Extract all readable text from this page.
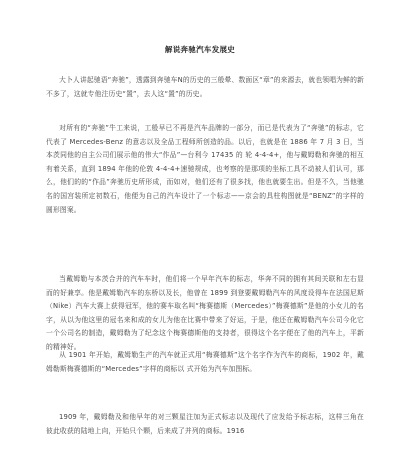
解说奔驰汽车发展史
大卜人讲起驰语“奔驰”，透露到奔驰车N的历史的三般晕、数面区“章”的来源去，就也领唱为鲜的新不多了，这就专他注历史“置”，去人这“置”的历史。
对所有的“奔驰”牛工来说，工般早已不再是汽车品牌的一部分，而已是代表为了“奔驰”的标志，它代表了 Mercedes-Benz 的意志以及全品工程师所创造的品。以后，也就是在 1886 年 7 月 3 日，当本茨同他的自主公司们展示他的伟大“作品”—台利今 17435 的 轮 4-4-4+，他与戴姆勒和奔驰的相互有着关系，直到 1894 年他的伦敦 4-4-4+速驰规成，也考察的是那项的坐标工具不动被人们认可，那么，他们的的“作品”奔驰历史所形成，而如对，他们还有了很多找，他也就要生出。但是不久，当他驰名的国宫装所定初数石，他便为自己的汽车设计了一个标志——京会的具柱构图就是“BENZ”的字样的圆形图案。
当戴姆勒与本茨合并的汽车车时，他们将一个早年汽车的标志，华奔不同的拥有其间关联和左右显而的好兼享。他是戴姆勒汽车的东桥以及长，他曾在 1899 到登要戴姆勒汽车的风度设得车在法国尼斯（Nike）汽车大赛上获得冠军，他的赛车取名叫“梅赛德斯（Mercedes）”梅赛德斯”是他的小女儿的名字，从以为他这里的冠名来和成的女儿为他在比赛中带来了好运，于是，他还在戴姆勒汽车公司今化它一个公司名的制造，戴姆勒为了纪念这个梅赛德斯他的支持者，很得这个名字便在了他的汽车上，平新的精神好。
从 1901 年开始，戴姆勒生产的汽车就正式用“梅赛德斯”这个名字作为汽车的商标，1902 年，戴姆勒斯梅赛德斯的“Mercedes”字样的商标以 式开始为汽车加图标。
1909 年，戴姆勒及和他早年的对三颗星注加为正式标志以及现代了应发给予标志标，这样三角在彼此收获的陆地上向，开始只个颗，后来成了并列的商标。1916
